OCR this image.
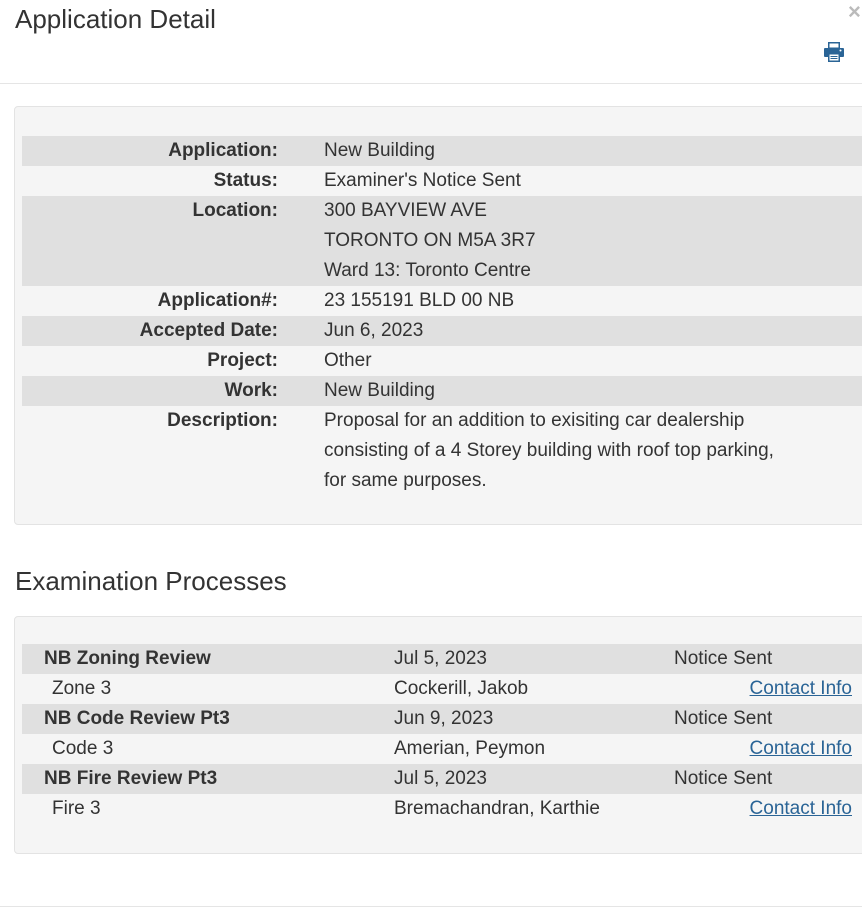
Application Detail	×
Application: New Building
Status: Examiner's Notice Sent
Location: 300 BAYVIEW AVE
TORONTO ON M5A 3R7
Ward 13: Toronto Centre
Application#: 23 155191 BLD 00 NB
Accepted Date: Jun 6, 2023
Project: Other
Work: New Building
Description: Proposal for an addition to exisiting car dealership
consisting of a 4 Storey building with roof top parking,
for same purposes.
Examination Processes
NB Zoning Review	Jul 5, 2023	Notice Sent
Zone 3	Cockerill, Jakob	Contact Info
NB Code Review Pt3	Jun 9, 2023	Notice Sent
Code 3	Amerian, Peymon	Contact Info
NB Fire Review Pt3	Jul 5, 2023	Notice Sent
Fire 3	Bremachandran, Karthie	Contact Info
